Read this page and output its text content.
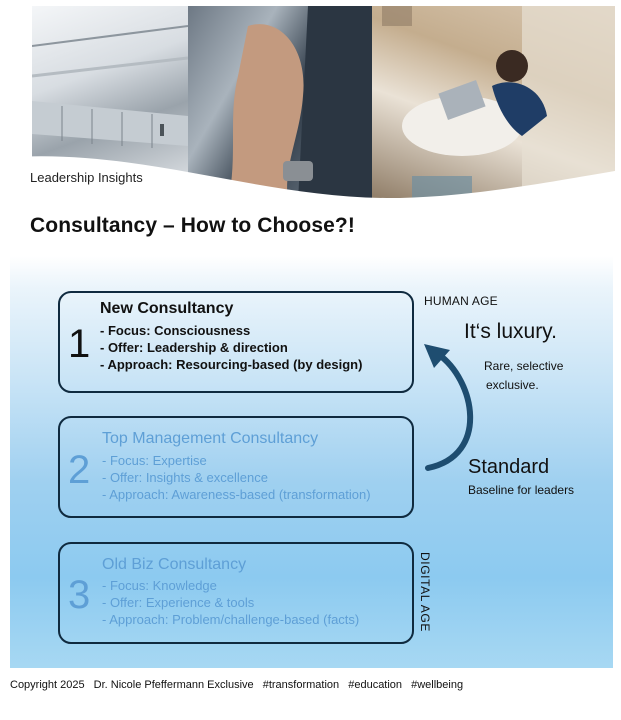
Leadership Insights
Consultancy – How to Choose?!
1
New Consultancy
- Focus: Consciousness
- Offer: Leadership & direction
- Approach: Resourcing-based (by design)
2
Top Management Consultancy
- Focus: Expertise
- Offer: Insights & excellence
- Approach: Awareness-based (transformation)
3
Old Biz Consultancy
- Focus: Knowledge
- Offer: Experience & tools
- Approach: Problem/challenge-based (facts)
HUMAN AGE
It‘s luxury.
Rare, selective
exclusive.
Standard
Baseline for leaders
DIGITAL AGE
Copyright 2025 Dr. Nicole Pfeffermann Exclusive #transformation #education #wellbeing
